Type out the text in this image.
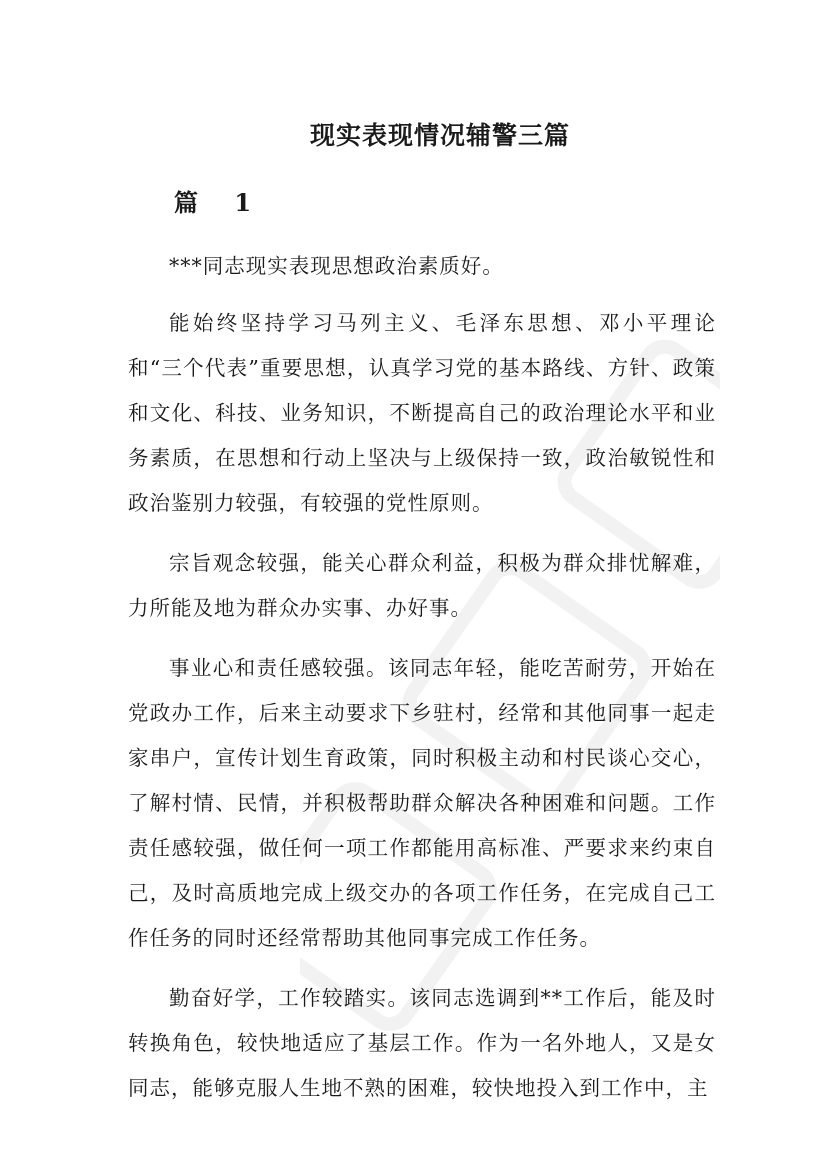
现实表现情况辅警三篇
篇 1

***同志现实表现思想政治素质好。

能始终坚持学习马列主义、毛泽东思想、邓小平理论和“三个代表”重要思想，认真学习党的基本路线、方针、政策和文化、科技、业务知识，不断提高自己的政治理论水平和业务素质，在思想和行动上坚决与上级保持一致，政治敏锐性和政治鉴别力较强，有较强的党性原则。

宗旨观念较强，能关心群众利益，积极为群众排忧解难，力所能及地为群众办实事、办好事。

事业心和责任感较强。该同志年轻，能吃苦耐劳，开始在党政办工作，后来主动要求下乡驻村，经常和其他同事一起走家串户，宣传计划生育政策，同时积极主动和村民谈心交心，了解村情、民情，并积极帮助群众解决各种困难和问题。工作责任感较强，做任何一项工作都能用高标准、严要求来约束自己，及时高质地完成上级交办的各项工作任务，在完成自己工作任务的同时还经常帮助其他同事完成工作任务。

勤奋好学，工作较踏实。该同志选调到**工作后，能及时转换角色，较快地适应了基层工作。作为一名外地人，又是女同志，能够克服人生地不熟的困难，较快地投入到工作中，主
